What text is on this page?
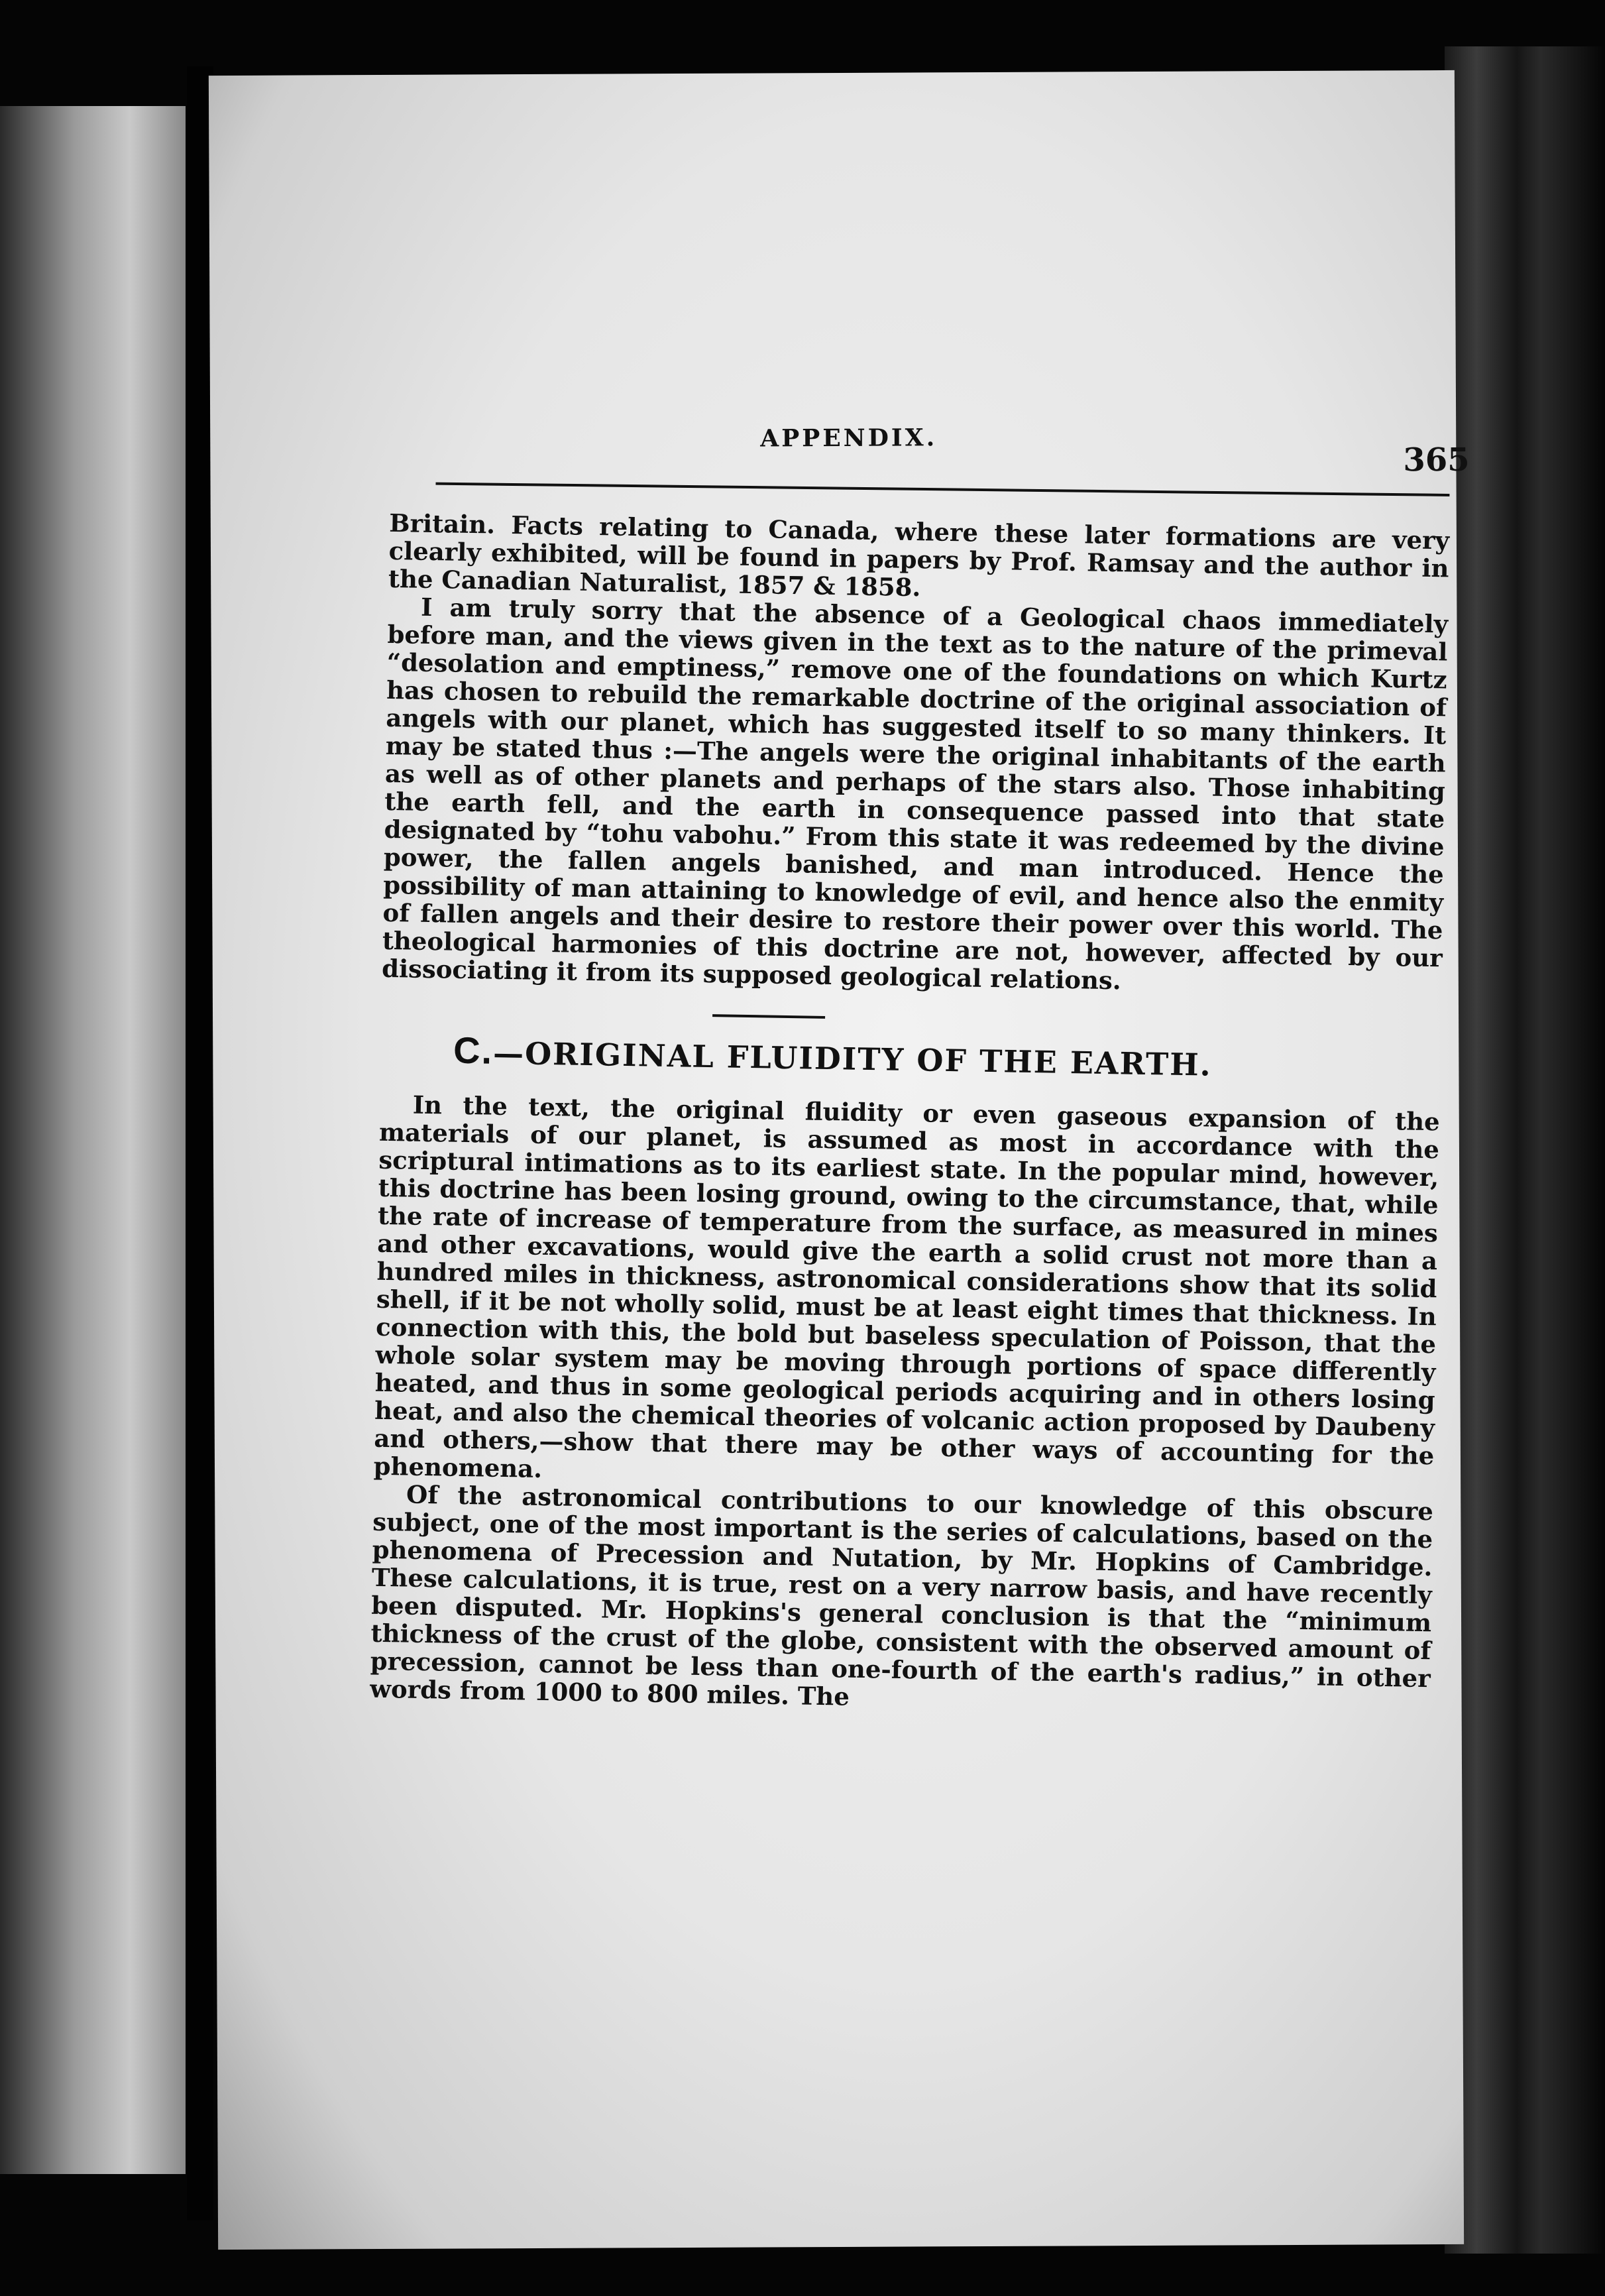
APPENDIX.
365

Britain. Facts relating to Canada, where these later formations are very clearly exhibited, will be found in papers by Prof. Ramsay and the author in the Canadian Naturalist, 1857 & 1858.

I am truly sorry that the absence of a Geological chaos immediately before man, and the views given in the text as to the nature of the primeval “desolation and emptiness,” remove one of the foundations on which Kurtz has chosen to rebuild the remarkable doctrine of the original association of angels with our planet, which has suggested itself to so many thinkers. It may be stated thus :—The angels were the original inhabitants of the earth as well as of other planets and perhaps of the stars also. Those inhabiting the earth fell, and the earth in consequence passed into that state designated by “tohu vabohu.” From this state it was redeemed by the divine power, the fallen angels banished, and man introduced. Hence the possibility of man attaining to knowledge of evil, and hence also the enmity of fallen angels and their desire to restore their power over this world. The theological harmonies of this doctrine are not, however, affected by our dissociating it from its supposed geological relations.

C.—ORIGINAL FLUIDITY OF THE EARTH.

In the text, the original fluidity or even gaseous expansion of the materials of our planet, is assumed as most in accordance with the scriptural intimations as to its earliest state. In the popular mind, however, this doctrine has been losing ground, owing to the circumstance, that, while the rate of increase of temperature from the surface, as measured in mines and other excavations, would give the earth a solid crust not more than a hundred miles in thickness, astronomical considerations show that its solid shell, if it be not wholly solid, must be at least eight times that thickness. In connection with this, the bold but baseless speculation of Poisson, that the whole solar system may be moving through portions of space differently heated, and thus in some geological periods acquiring and in others losing heat, and also the chemical theories of volcanic action proposed by Daubeny and others,—show that there may be other ways of accounting for the phenomena.

Of the astronomical contributions to our knowledge of this obscure subject, one of the most important is the series of calculations, based on the phenomena of Precession and Nutation, by Mr. Hopkins of Cambridge. These calculations, it is true, rest on a very narrow basis, and have recently been disputed. Mr. Hopkins's general conclusion is that the “minimum thickness of the crust of the globe, consistent with the observed amount of precession, cannot be less than one-fourth of the earth's radius,” in other words from 1000 to 800 miles. The
